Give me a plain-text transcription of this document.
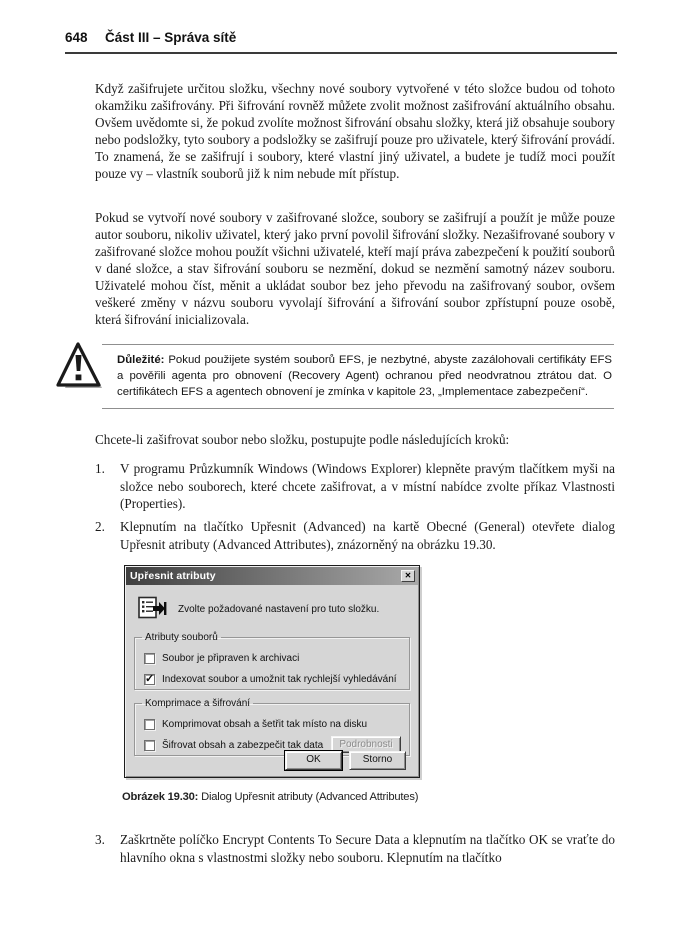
648	Část III – Správa sítě
Když zašifrujete určitou složku, všechny nové soubory vytvořené v této složce budou od tohoto okamžiku zašifrovány. Při šifrování rovněž můžete zvolit možnost zašifrování aktuálního obsahu. Ovšem uvědomte si, že pokud zvolíte možnost šifrování obsahu složky, která již obsahuje soubory nebo podsložky, tyto soubory a podsložky se zašifrují pouze pro uživatele, který šifrování provádí. To znamená, že se zašifrují i soubory, které vlastní jiný uživatel, a budete je tudíž moci použít pouze vy – vlastník souborů již k nim nebude mít přístup.
Pokud se vytvoří nové soubory v zašifrované složce, soubory se zašifrují a použít je může pouze autor souboru, nikoliv uživatel, který jako první povolil šifrování složky. Nezašifrované soubory v zašifrované složce mohou použít všichni uživatelé, kteří mají práva zabezpečení k použití souborů v dané složce, a stav šifrování souboru se nezmění, dokud se nezmění samotný název souboru. Uživatelé mohou číst, měnit a ukládat soubor bez jeho převodu na zašifrovaný soubor, ovšem veškeré změny v názvu souboru vyvolají šifrování a šifrování soubor zpřístupní pouze osobě, která šifrování inicializovala.
Důležité: Pokud použijete systém souborů EFS, je nezbytné, abyste zazálohovali certifikáty EFS a pověřili agenta pro obnovení (Recovery Agent) ochranou před neodvratnou ztrátou dat. O certifikátech EFS a agentech obnovení je zmínka v kapitole 23, „Implementace zabezpečení“.
Chcete-li zašifrovat soubor nebo složku, postupujte podle následujících kroků:
1.	V programu Průzkumník Windows (Windows Explorer) klepněte pravým tlačítkem myši na složce nebo souborech, které chcete zašifrovat, a v místní nabídce zvolte příkaz Vlastnosti (Properties).
2.	Klepnutím na tlačítko Upřesnit (Advanced) na kartě Obecné (General) otevřete dialog Upřesnit atributy (Advanced Attributes), znázorněný na obrázku 19.30.
Upřesnit atributy	✕
Zvolte požadované nastavení pro tuto složku.
Atributy souborů
Soubor je připraven k archivaci
✓ Indexovat soubor a umožnit tak rychlejší vyhledávání
Komprimace a šifrování
Komprimovat obsah a šetřit tak místo na disku
Šifrovat obsah a zabezpečit tak data	Podrobnosti
OK	Storno
Obrázek 19.30: Dialog Upřesnit atributy (Advanced Attributes)
3.	Zaškrtněte políčko Encrypt Contents To Secure Data a klepnutím na tlačítko OK se vraťte do hlavního okna s vlastnostmi složky nebo souboru. Klepnutím na tlačítko
